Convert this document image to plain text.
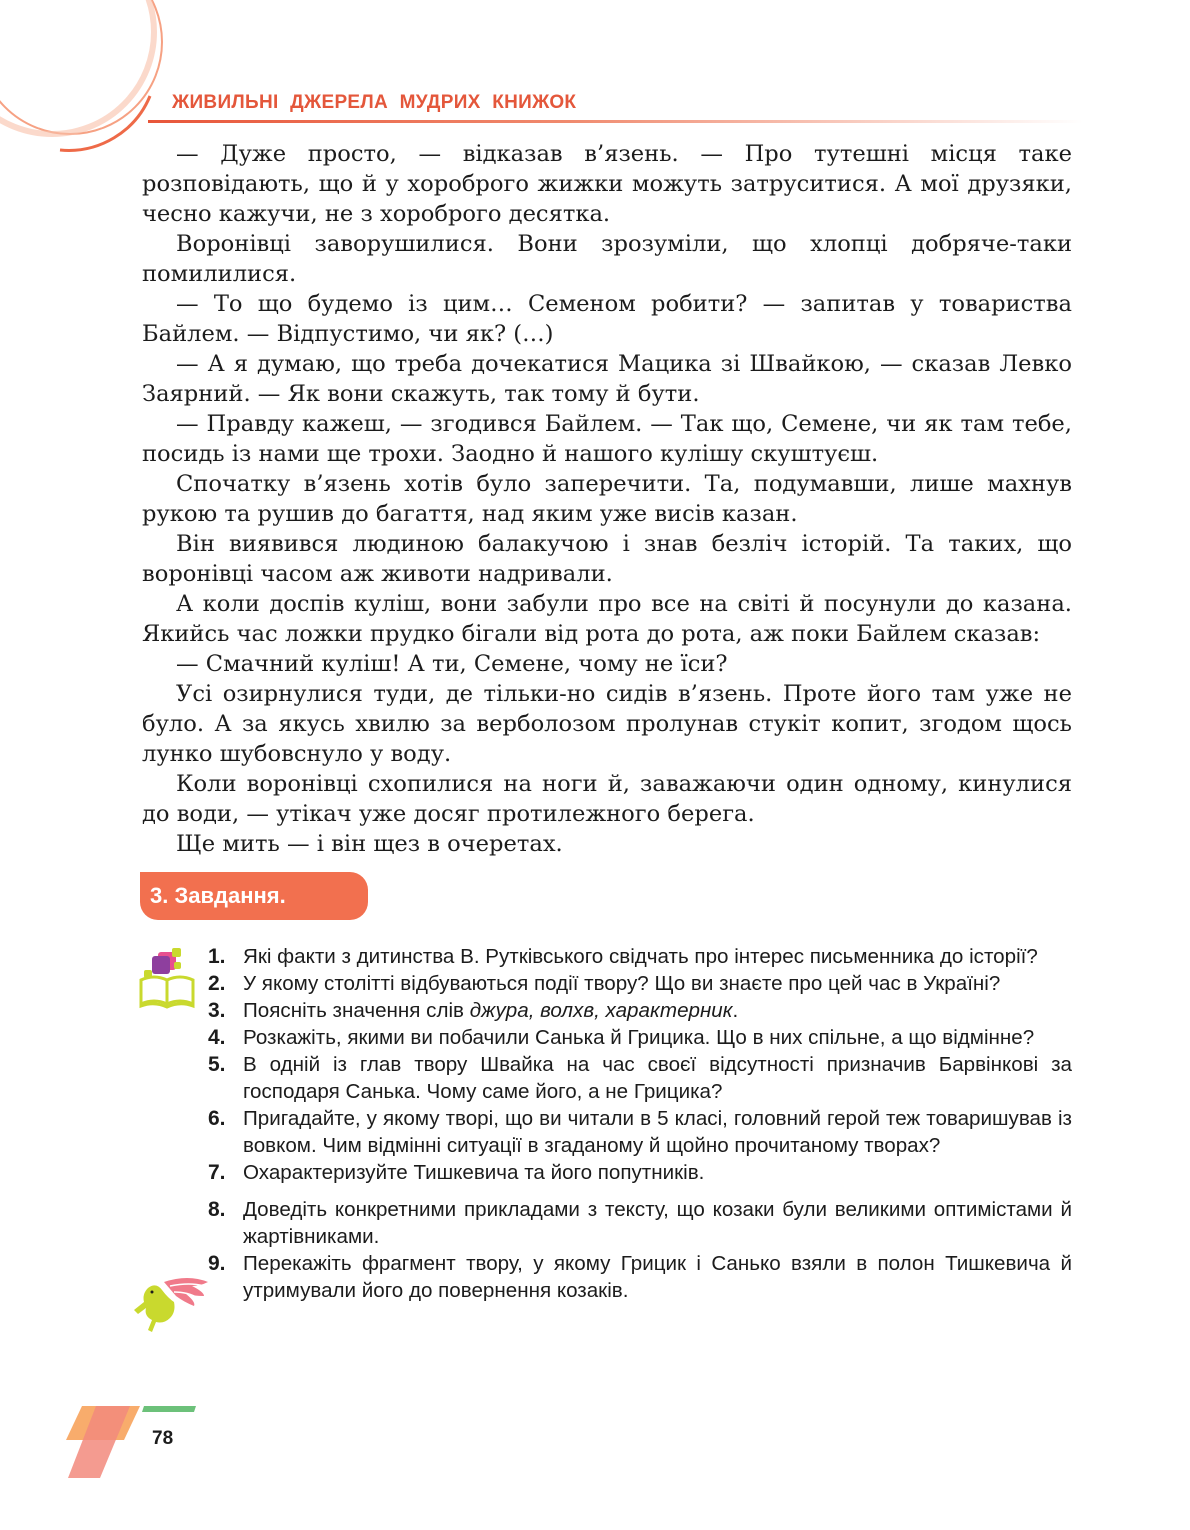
ЖИВИЛЬНІ ДЖЕРЕЛА МУДРИХ КНИЖОК

— Дуже просто, — відказав в’язень. — Про тутешні місця таке розповідають, що й у хороброго жижки можуть затруситися. А мої друзяки, чесно кажучи, не з хороброго десятка.

Воронівці заворушилися. Вони зрозуміли, що хлопці добряче-таки помилилися.

— То що будемо із цим… Семеном робити? — запитав у товариства Байлем. — Відпустимо, чи як? (…)

— А я думаю, що треба дочекатися Мацика зі Швайкою, — сказав Левко Заярний. — Як вони скажуть, так тому й бути.

— Правду кажеш, — згодився Байлем. — Так що, Семене, чи як там тебе, посидь із нами ще трохи. Заодно й нашого кулішу скуштуєш.

Спочатку в’язень хотів було заперечити. Та, подумавши, лише махнув рукою та рушив до багаття, над яким уже висів казан.

Він виявився людиною балакучою і знав безліч історій. Та таких, що воронівці часом аж животи надривали.

А коли доспів куліш, вони забули про все на світі й посунули до казана. Якийсь час ложки прудко бігали від рота до рота, аж поки Байлем сказав:

— Смачний куліш! А ти, Семене, чому не їси?

Усі озирнулися туди, де тільки-но сидів в’язень. Проте його там уже не було. А за якусь хвилю за верболозом пролунав стукіт копит, згодом щось лунко шубовснуло у воду.

Коли воронівці схопилися на ноги й, заважаючи один одному, кинулися до води, — утікач уже досяг протилежного берега.

Ще мить — і він щез в очеретах.

3. Завдання.
1. Які факти з дитинства В. Рутківського свідчать про інтерес письменника до історії?
2. У якому столітті відбуваються події твору? Що ви знаєте про цей час в Україні?
3. Поясніть значення слів джура, волхв, характерник.
4. Розкажіть, якими ви побачили Санька й Грицика. Що в них спільне, а що відмінне?
5. В одній із глав твору Швайка на час своєї відсутності призначив Барвінкові за господаря Санька. Чому саме його, а не Грицика?
6. Пригадайте, у якому творі, що ви читали в 5 класі, головний герой теж товаришував із вовком. Чим відмінні ситуації в згаданому й щойно прочитаному творах?
7. Охарактеризуйте Тишкевича та його попутників.
8. Доведіть конкретними прикладами з тексту, що козаки були великими оптимістами й жартівниками.
9. Перекажіть фрагмент твору, у якому Грицик і Санько взяли в полон Тишкевича й утримували його до повернення козаків.
78
